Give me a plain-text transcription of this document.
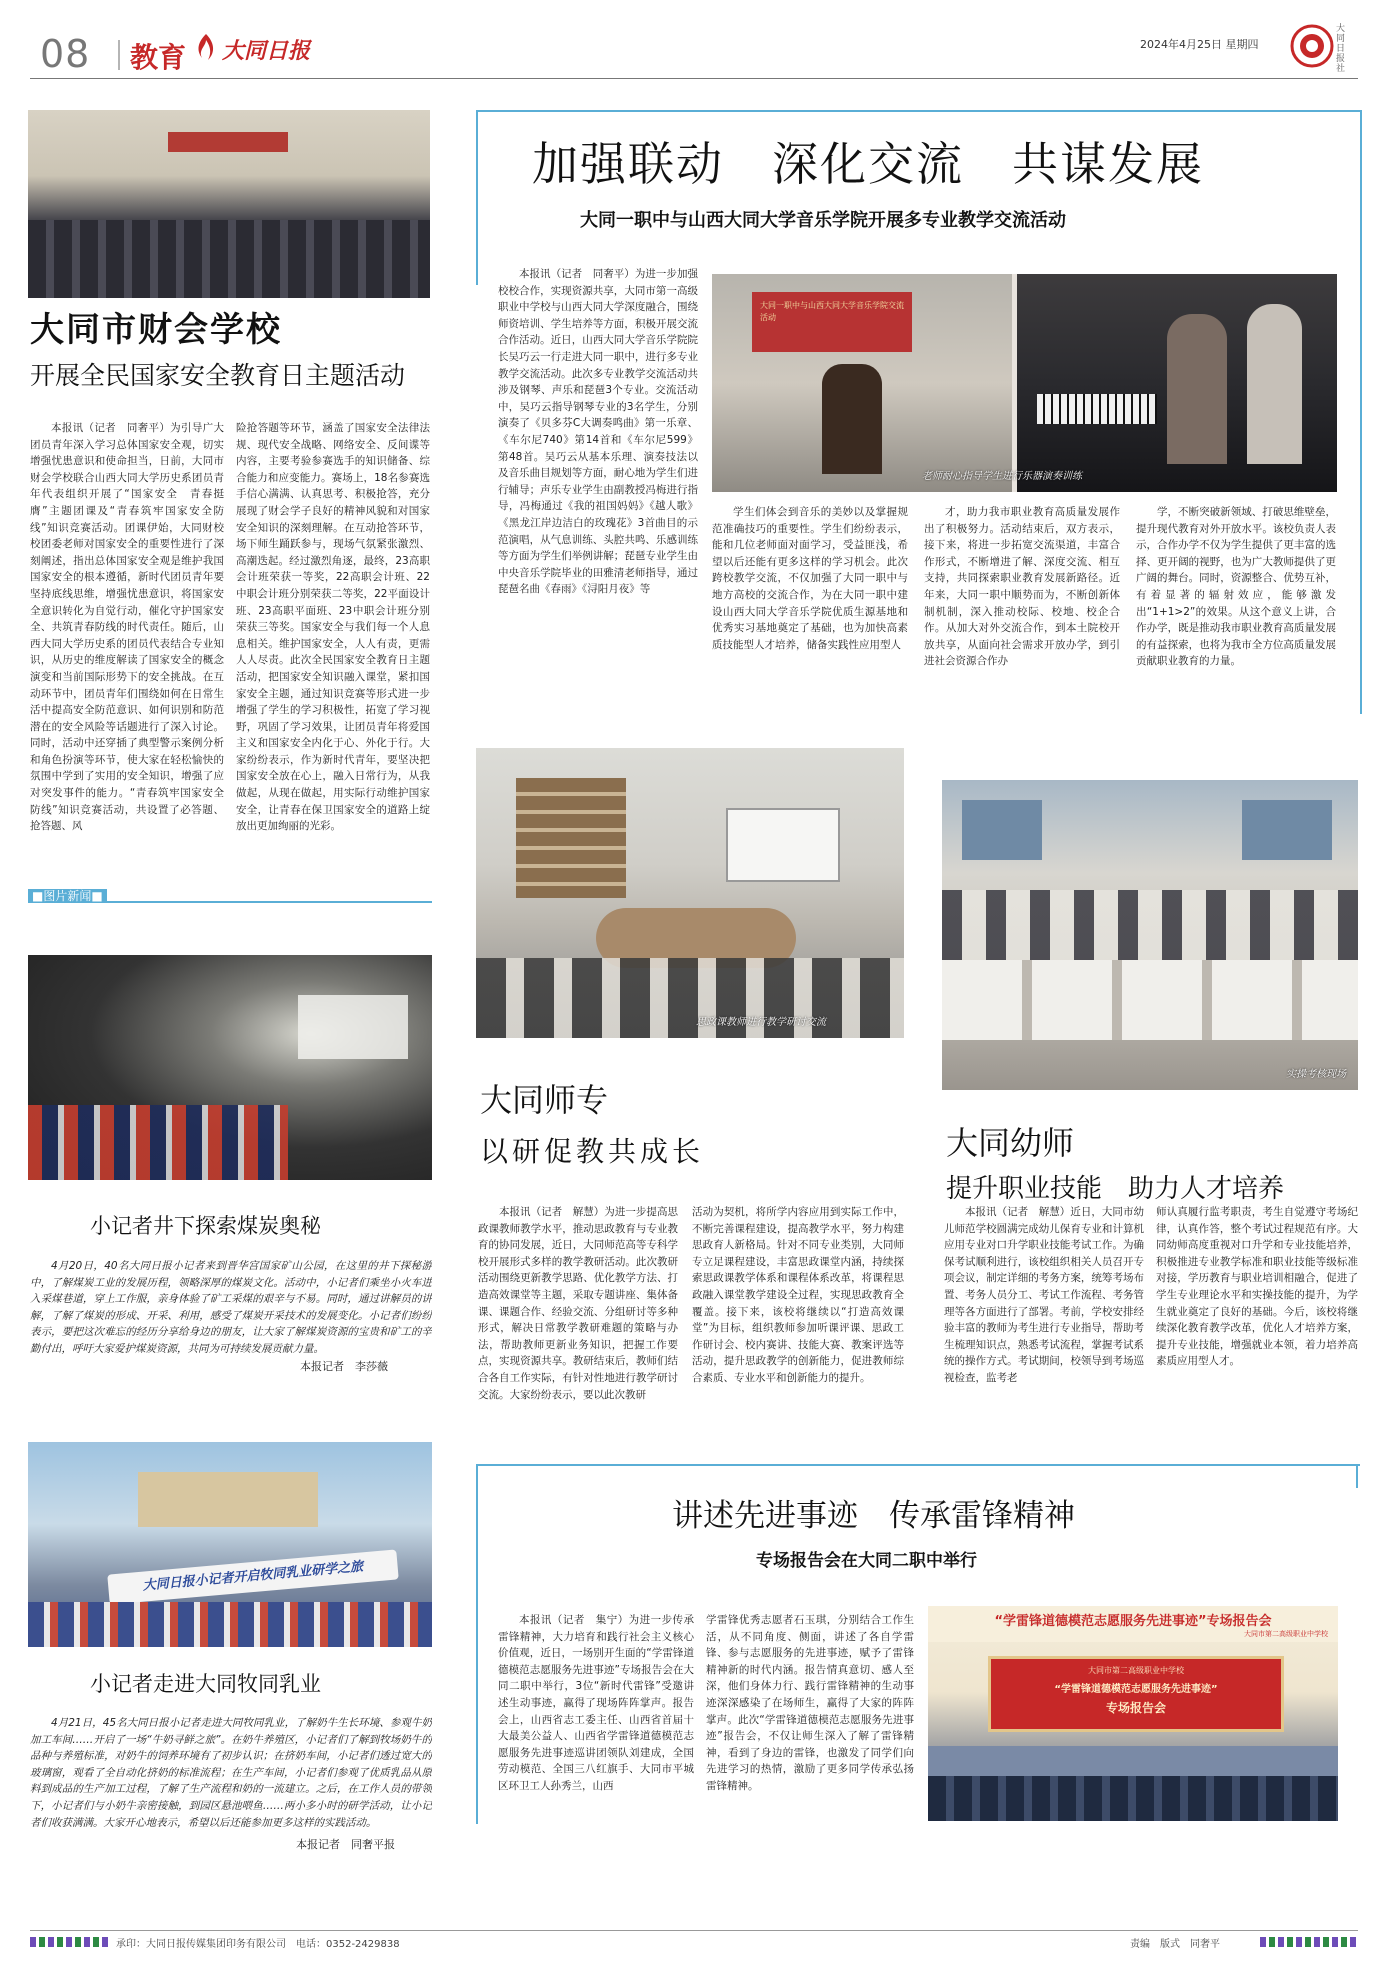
08 教育 大同日报	2024年4月25日 星期四
大同日报社
大同市财会学校
开展全民国家安全教育日主题活动
本报讯（记者　同奢平）为引导广大团员青年深入学习总体国家安全观，切实增强忧患意识和使命担当，日前，大同市财会学校联合山西大同大学历史系团员青年代表组织开展了“国家安全　青春挺膺”主题团课及“青春筑牢国家安全防线”知识竞赛活动。团课伊始，大同财校校团委老师对国家安全的重要性进行了深刻阐述，指出总体国家安全观是维护我国国家安全的根本遵循，新时代团员青年要坚持底线思维，增强忧患意识，将国家安全意识转化为自觉行动，催化守护国家安全、共筑青春防线的时代责任。随后，山西大同大学历史系的团员代表结合专业知识，从历史的维度解读了国家安全的概念演变和当前国际形势下的安全挑战。在互动环节中，团员青年们围绕如何在日常生活中提高安全防范意识、如何识别和防范潜在的安全风险等话题进行了深入讨论。同时，活动中还穿插了典型警示案例分析和角色扮演等环节，使大家在轻松愉快的氛围中学到了实用的安全知识，增强了应对突发事件的能力。“青春筑牢国家安全防线”知识竞赛活动，共设置了必答题、抢答题、风
险抢答题等环节，涵盖了国家安全法律法规、现代安全战略、网络安全、反间谍等内容，主要考验参赛选手的知识储备、综合能力和应变能力。赛场上，18名参赛选手信心满满、认真思考、积极抢答，充分展现了财会学子良好的精神风貌和对国家安全知识的深刻理解。在互动抢答环节，场下师生踊跃参与，现场气氛紧张激烈、高潮迭起。经过激烈角逐，最终，23高职会计班荣获一等奖，22高职会计班、22中职会计班分别荣获二等奖，22平面设计班、23高职平面班、23中职会计班分别荣获三等奖。国家安全与我们每一个人息息相关。维护国家安全，人人有责，更需人人尽责。此次全民国家安全教育日主题活动，把国家安全知识融入课堂，紧扣国家安全主题，通过知识竞赛等形式进一步增强了学生的学习积极性，拓宽了学习视野，巩固了学习效果，让团员青年将爱国主义和国家安全内化于心、外化于行。大家纷纷表示，作为新时代青年，要坚决把国家安全放在心上，融入日常行为，从我做起，从现在做起，用实际行动维护国家安全，让青春在保卫国家安全的道路上绽放出更加绚丽的光彩。
■图片新闻■
小记者井下探索煤炭奥秘
4月20日，40名大同日报小记者来到晋华宫国家矿山公园，在这里的井下探秘游中，了解煤炭工业的发展历程，领略深厚的煤炭文化。活动中，小记者们乘坐小火车进入采煤巷道，穿上工作服，亲身体验了矿工采煤的艰辛与不易。同时，通过讲解员的讲解，了解了煤炭的形成、开采、利用，感受了煤炭开采技术的发展变化。小记者们纷纷表示，要把这次难忘的经历分享给身边的朋友，让大家了解煤炭资源的宝贵和矿工的辛勤付出，呼吁大家爱护煤炭资源，共同为可持续发展贡献力量。
本报记者　李莎薇
大同日报小记者开启牧同乳业研学之旅
小记者走进大同牧同乳业
4月21日，45名大同日报小记者走进大同牧同乳业，了解奶牛生长环境、参观牛奶加工车间……开启了一场“牛奶寻鲜之旅”。在奶牛养殖区，小记者们了解到牧场奶牛的品种与养殖标准，对奶牛的饲养环境有了初步认识；在挤奶车间，小记者们透过宽大的玻璃窗，观看了全自动化挤奶的标准流程；在生产车间，小记者们参观了优质乳品从原料到成品的生产加工过程，了解了生产流程和奶的一流建立。之后，在工作人员的带领下，小记者们与小奶牛亲密接触，到园区悬池喂鱼……两小多小时的研学活动，让小记者们收获满满。大家开心地表示，希望以后还能参加更多这样的实践活动。
本报记者　同奢平报
加强联动　深化交流　共谋发展
大同一职中与山西大同大学音乐学院开展多专业教学交流活动
本报讯（记者　同奢平）为进一步加强校校合作，实现资源共享，大同市第一高级职业中学校与山西大同大学深度融合，围绕师资培训、学生培养等方面，积极开展交流合作活动。近日，山西大同大学音乐学院院长吴巧云一行走进大同一职中，进行多专业教学交流活动。此次多专业教学交流活动共涉及钢琴、声乐和琵琶3个专业。交流活动中，吴巧云指导钢琴专业的3名学生，分别演奏了《贝多芬C大调奏鸣曲》第一乐章、《车尔尼740》第14首和《车尔尼599》第48首。吴巧云从基本乐理、演奏技法以及音乐曲目规划等方面，耐心地为学生们进行辅导；声乐专业学生由副教授冯梅进行指导，冯梅通过《我的祖国妈妈》《越人歌》《黑龙江岸边洁白的玫瑰花》3首曲目的示范演唱，从气息训练、头腔共鸣、乐感训练等方面为学生们举例讲解；琵琶专业学生由中央音乐学院毕业的田雅清老师指导，通过琵琶名曲《春雨》《浔阳月夜》等
大同一职中与山西大同大学音乐学院交流活动
老师耐心指导学生进行乐器演奏训练
学生们体会到音乐的美妙以及掌握规范准确技巧的重要性。学生们纷纷表示，能和几位老师面对面学习，受益匪浅，希望以后还能有更多这样的学习机会。此次跨校教学交流，不仅加强了大同一职中与地方高校的交流合作，为在大同一职中建设山西大同大学音乐学院优质生源基地和优秀实习基地奠定了基础，也为加快高素质技能型人才培养，储备实践性应用型人
才，助力我市职业教育高质量发展作出了积极努力。活动结束后，双方表示，接下来，将进一步拓宽交流渠道，丰富合作形式，不断增进了解、深度交流、相互支持，共同探索职业教育发展新路径。近年来，大同一职中顺势而为，不断创新体制机制，深入推动校际、校地、校企合作。从加大对外交流合作，到本土院校开放共享，从面向社会需求开放办学，到引进社会资源合作办
学，不断突破新领域、打破思维壁垒，提升现代教育对外开放水平。该校负责人表示，合作办学不仅为学生提供了更丰富的选择、更开阔的视野，也为广大教师提供了更广阔的舞台。同时，资源整合、优势互补，有着显著的辐射效应，能够激发出“1+1>2”的效果。从这个意义上讲，合作办学，既是推动我市职业教育高质量发展的有益探索，也将为我市全方位高质量发展贡献职业教育的力量。
思政课教师进行教学研讨交流
大同师专
以研促教共成长
本报讯（记者　解慧）为进一步提高思政课教师教学水平，推动思政教育与专业教育的协同发展，近日，大同师范高等专科学校开展形式多样的教学教研活动。此次教研活动围绕更新教学思路、优化教学方法、打造高效课堂等主题，采取专题讲座、集体备课、课题合作、经验交流、分组研讨等多种形式，解决日常教学教研难题的策略与办法，帮助教师更新业务知识，把握工作要点，实现资源共享。教研结束后，教师们结合各自工作实际，有针对性地进行教学研讨交流。大家纷纷表示，要以此次教研
活动为契机，将所学内容应用到实际工作中，不断完善课程建设，提高教学水平，努力构建思政育人新格局。针对不同专业类别，大同师专立足课程建设，丰富思政课堂内涵，持续探索思政课教学体系和课程体系改革，将课程思政融入课堂教学建设全过程，实现思政教育全覆盖。接下来，该校将继续以“打造高效课堂”为目标，组织教师参加听课评课、思政工作研讨会、校内赛讲、技能大赛、教案评选等活动，提升思政教学的创新能力，促进教师综合素质、专业水平和创新能力的提升。
实操考核现场
大同幼师
提升职业技能　助力人才培养
本报讯（记者　解慧）近日，大同市幼儿师范学校圆满完成幼儿保育专业和计算机应用专业对口升学职业技能考试工作。为确保考试顺利进行，该校组织相关人员召开专项会议，制定详细的考务方案，统筹考场布置、考务人员分工、考试工作流程、考务管理等各方面进行了部署。考前，学校安排经验丰富的教师为考生进行专业指导，帮助考生梳理知识点，熟悉考试流程，掌握考试系统的操作方式。考试期间，校领导到考场巡视检查，监考老
师认真履行监考职责，考生自觉遵守考场纪律，认真作答，整个考试过程规范有序。大同幼师高度重视对口升学和专业技能培养，积极推进专业教学标准和职业技能等级标准对接，学历教育与职业培训相融合，促进了学生专业理论水平和实操技能的提升，为学生就业奠定了良好的基础。今后，该校将继续深化教育教学改革，优化人才培养方案，提升专业技能，增强就业本领，着力培养高素质应用型人才。
讲述先进事迹　传承雷锋精神
专场报告会在大同二职中举行
本报讯（记者　集宁）为进一步传承雷锋精神，大力培育和践行社会主义核心价值观，近日，一场别开生面的“学雷锋道德模范志愿服务先进事迹”专场报告会在大同二职中举行，3位“新时代雷锋”受邀讲述生动事迹，赢得了现场阵阵掌声。报告会上，山西省志工委主任、山西省首届十大最美公益人、山西省学雷锋道德模范志愿服务先进事迹巡讲团领队刘建成，全国劳动模范、全国三八红旗手、大同市平城区环卫工人孙秀兰，山西
学雷锋优秀志愿者石玉琪，分别结合工作生活，从不同角度、侧面，讲述了各自学雷锋、参与志愿服务的先进事迹，赋予了雷锋精神新的时代内涵。报告情真意切、感人至深，他们身体力行、践行雷锋精神的生动事迹深深感染了在场师生，赢得了大家的阵阵掌声。此次“学雷锋道德模范志愿服务先进事迹”报告会，不仅让师生深入了解了雷锋精神，看到了身边的雷锋，也激发了同学们向先进学习的热情，激励了更多同学传承弘扬雷锋精神。
“学雷锋道德模范志愿服务先进事迹”专场报告会
大同市第二高级职业中学校
大同市第二高级职业中学校
“学雷锋道德模范志愿服务先进事迹”
专场报告会
承印：大同日报传媒集团印务有限公司　电话：0352-2429838	责编　版式　同奢平
